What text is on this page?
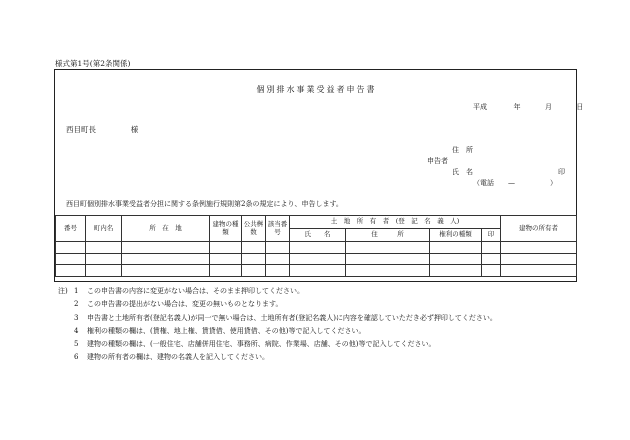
様式第1号(第2条関係)
個別排水事業受益者申告書
平成	年	月	日
西目町長	様
住　所
申告者
氏　名	印
（電話　　—　　　　　）
西目町個別排水事業受益者分担に関する条例施行規則第2条の規定により、申告します。
番号	町内名	所　在　地	建物の種　類	公共桝数	該当番号	土　地　所　有　者　(登　記　名　義　人)				建物の所有者
						氏　　名	住　　　所	権利の種類	印	

注) 1	この申告書の内容に変更がない場合は、そのまま押印してください。
2	この申告書の提出がない場合は、変更の無いものとなります。
3	申告書と土地所有者(登記名義人)が同一で無い場合は、土地所有者(登記名義人)に内容を確認していただき必ず押印してください。
4	権利の種類の欄は、(賃権、地上権、賃貸借、使用貸借、その他)等で記入してください。
5	建物の種類の欄は、(一般住宅、店舗併用住宅、事務所、病院、作業場、店舗、その他)等で記入してください。
6	建物の所有者の欄は、建物の名義人を記入してください。
